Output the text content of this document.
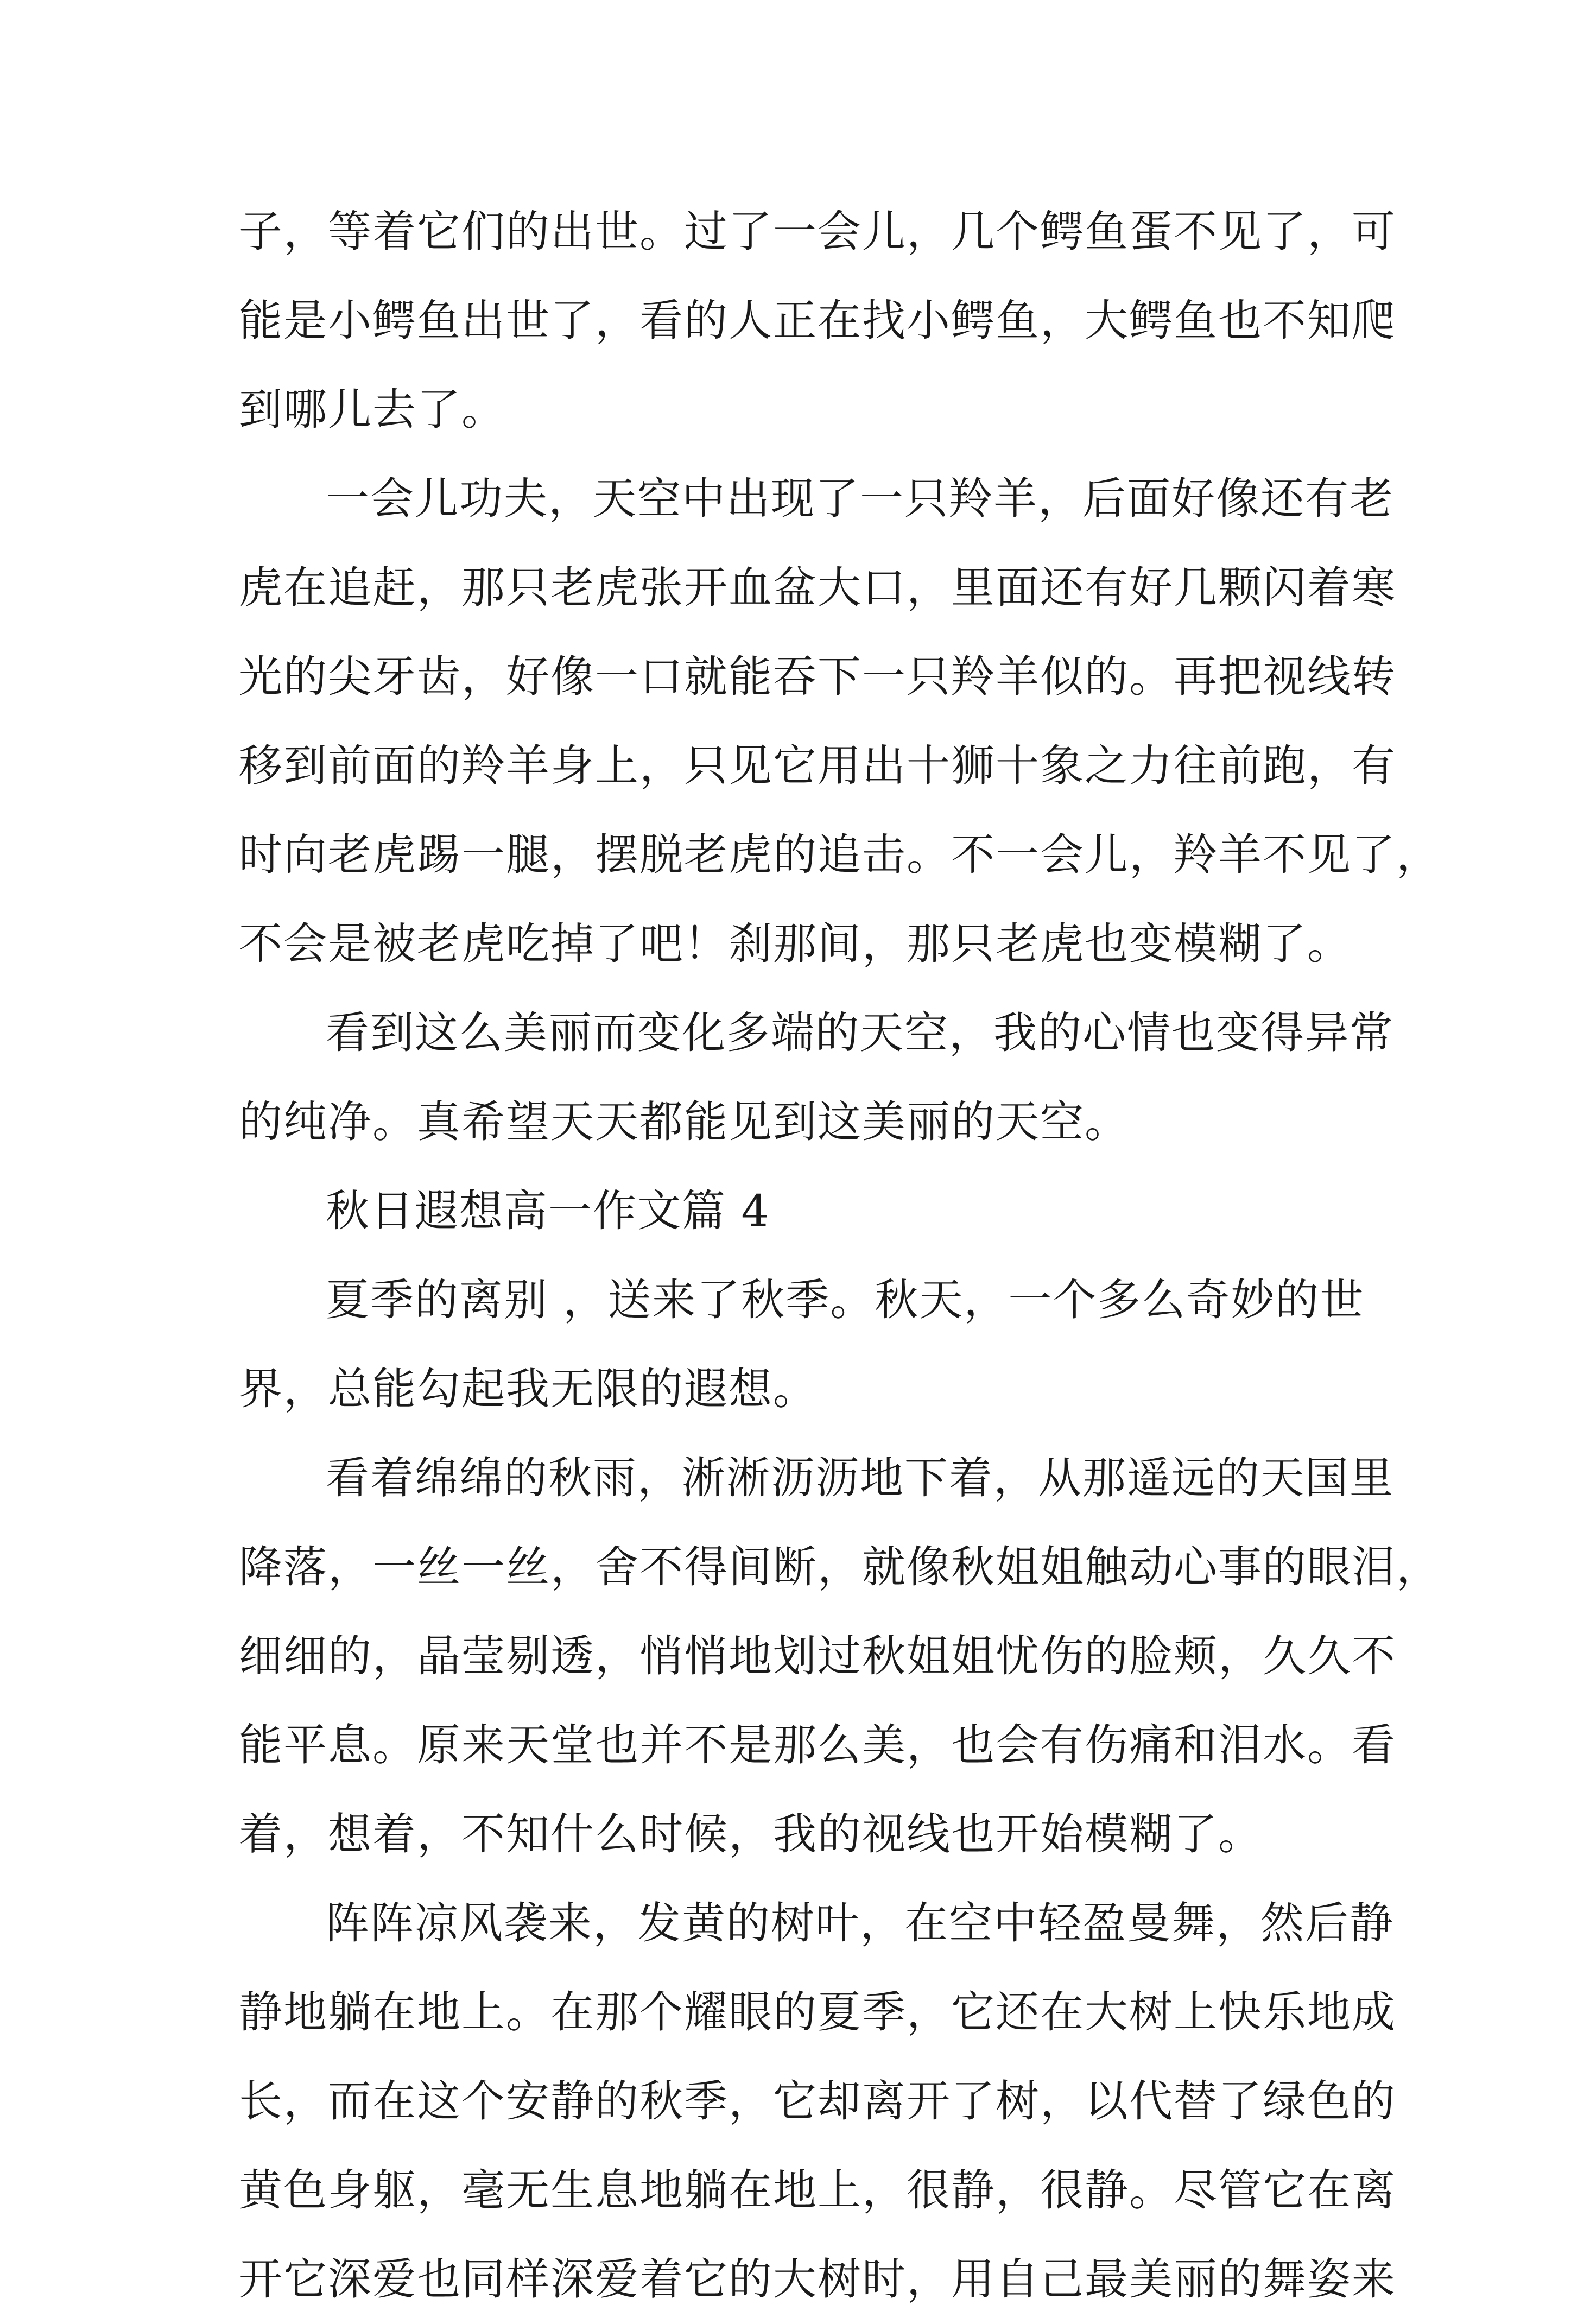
子，等着它们的出世。过了一会儿，几个鳄鱼蛋不见了，可
能是小鳄鱼出世了，看的人正在找小鳄鱼，大鳄鱼也不知爬
到哪儿去了。
一会儿功夫，天空中出现了一只羚羊，后面好像还有老
虎在追赶，那只老虎张开血盆大口，里面还有好几颗闪着寒
光的尖牙齿，好像一口就能吞下一只羚羊似的。再把视线转
移到前面的羚羊身上，只见它用出十狮十象之力往前跑，有
时向老虎踢一腿，摆脱老虎的追击。不一会儿，羚羊不见了，
不会是被老虎吃掉了吧！刹那间，那只老虎也变模糊了。
看到这么美丽而变化多端的天空，我的心情也变得异常
的纯净。真希望天天都能见到这美丽的天空。
秋日遐想高一作文篇 4
夏季的离别 ，送来了秋季。秋天，一个多么奇妙的世
界，总能勾起我无限的遐想。
看着绵绵的秋雨，淅淅沥沥地下着，从那遥远的天国里
降落，一丝一丝，舍不得间断，就像秋姐姐触动心事的眼泪，
细细的，晶莹剔透，悄悄地划过秋姐姐忧伤的脸颊，久久不
能平息。原来天堂也并不是那么美，也会有伤痛和泪水。看
着，想着，不知什么时候，我的视线也开始模糊了。
阵阵凉风袭来，发黄的树叶，在空中轻盈曼舞，然后静
静地躺在地上。在那个耀眼的夏季，它还在大树上快乐地成
长，而在这个安静的秋季，它却离开了树，以代替了绿色的
黄色身躯，毫无生息地躺在地上，很静，很静。尽管它在离
开它深爱也同样深爱着它的大树时，用自己最美丽的舞姿来
